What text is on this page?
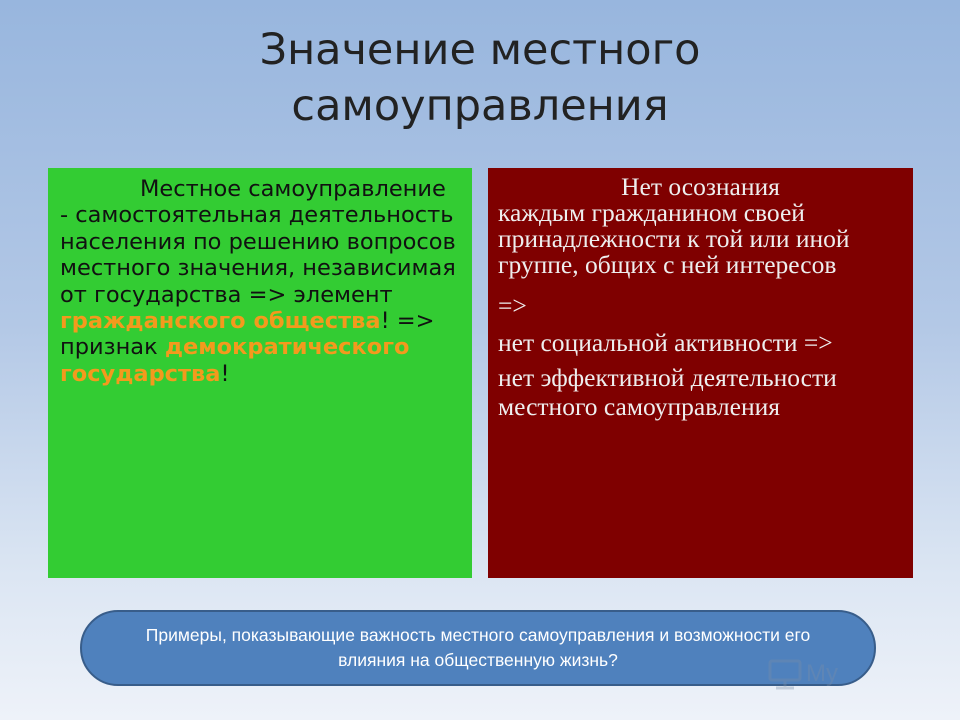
Значение местного
самоуправления
Местное самоуправление - самостоятельная деятельность населения по решению вопросов местного значения, независимая от государства => элемент гражданского общества! => признак демократического государства!

Нет осознания
каждым гражданином своей принадлежности к той или иной группе, общих с ней интересов

=>

нет социальной активности =>

нет эффективной деятельности местного самоуправления

Примеры, показывающие важность местного самоуправления и возможности его влияния на общественную жизнь?	My
